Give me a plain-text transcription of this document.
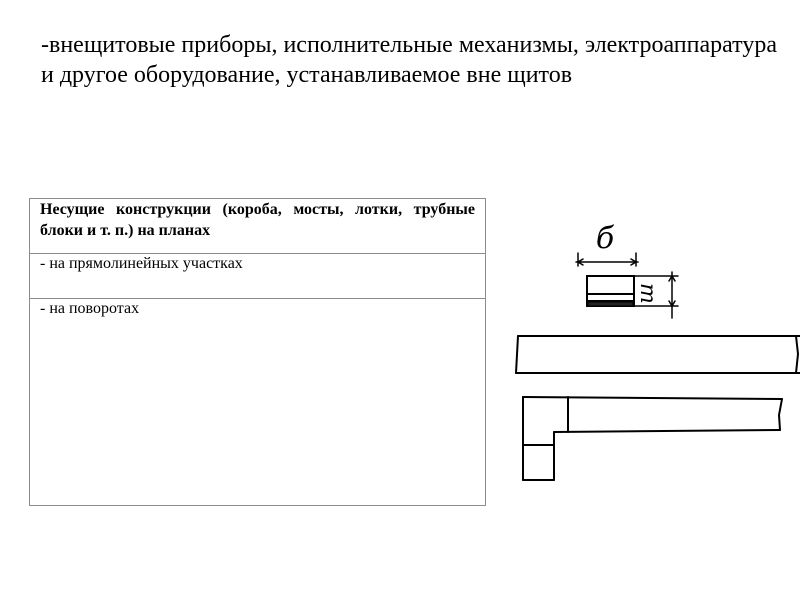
-внещитовые приборы, исполнительные механизмы, электроаппаратура и другое оборудование, устанавливаемое вне щитов

Несущие конструкции (короба, мосты, лотки, трубные блоки и т. п.) на планах

- на прямолинейных участках
- на поворотах
б
m
